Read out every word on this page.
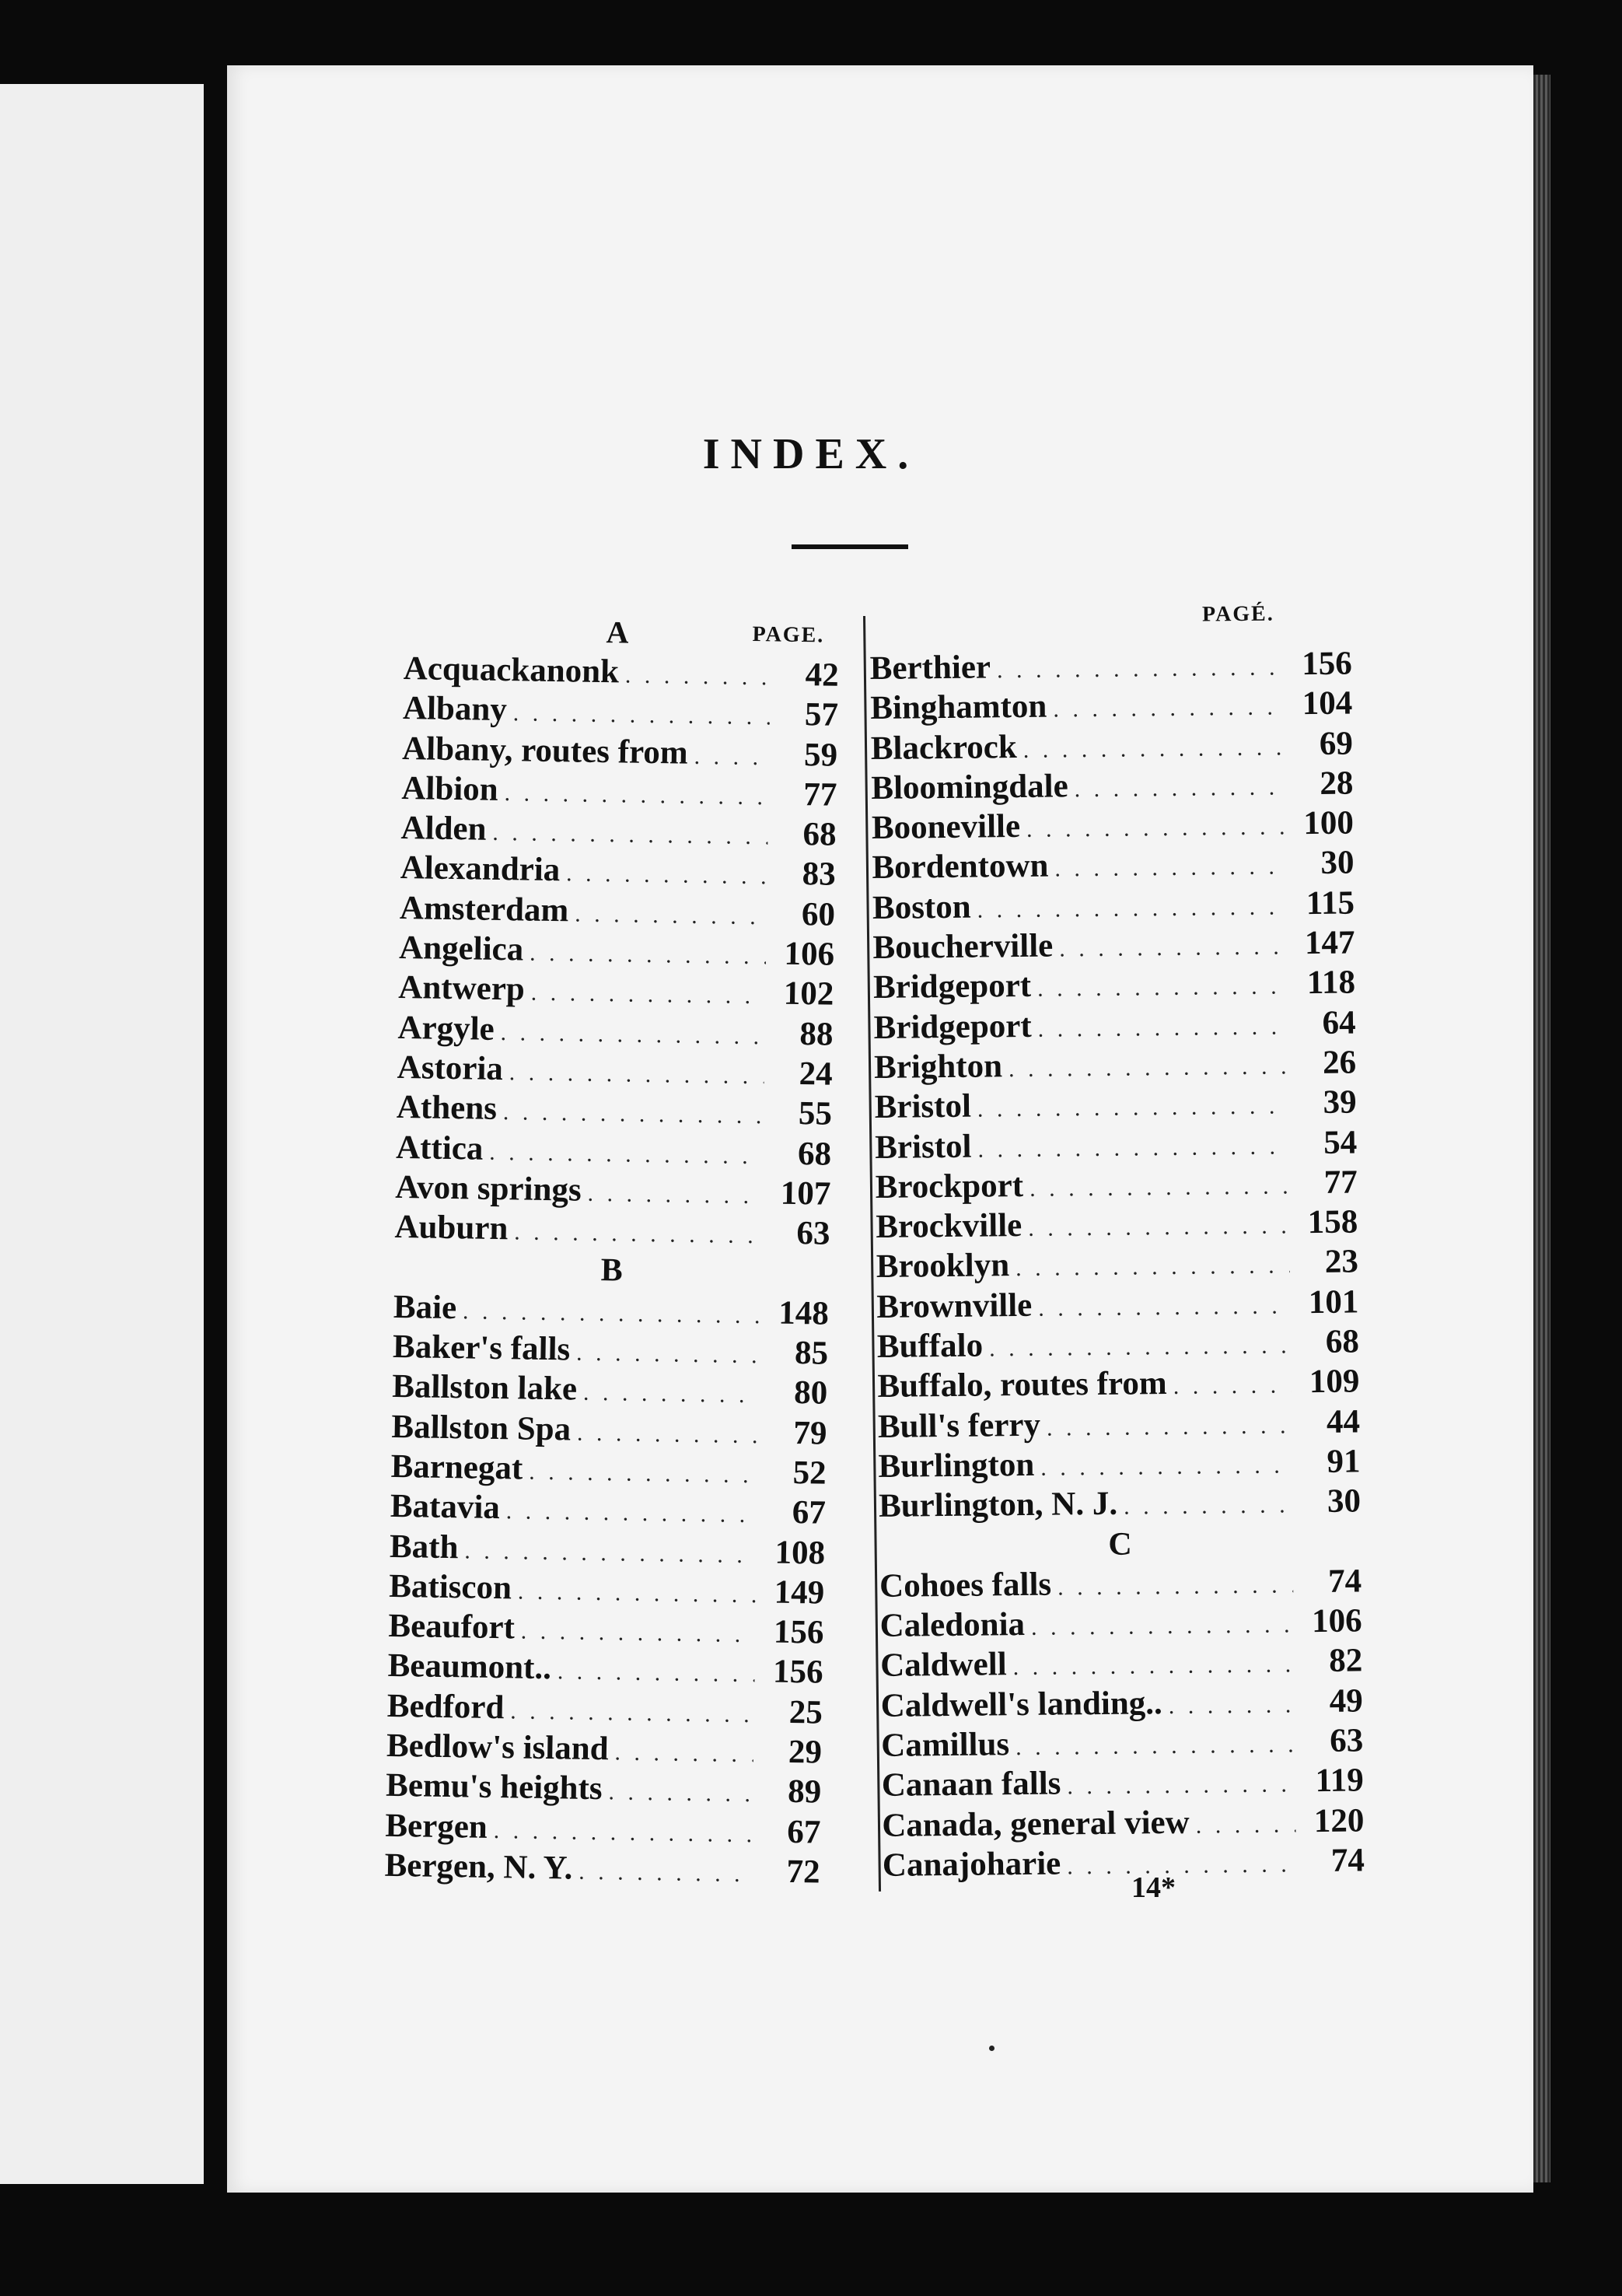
INDEX.
A	PAGE.
Acquackanonk . . .	42
Albany . . .	57
Albany, routes from . . .	59
Albion . . .	77
Alden . . .	68
Alexandria . . .	83
Amsterdam . . .	60
Angelica . . .	106
Antwerp . . .	102
Argyle . . .	88
Astoria . . .	24
Athens . . .	55
Attica . . .	68
Avon springs . . .	107
Auburn . . .	63
B
Baie . . .	148
Baker's falls . . .	85
Ballston lake . . .	80
Ballston Spa . . .	79
Barnegat . . .	52
Batavia . . .	67
Bath . . .	108
Batiscon . . .	149
Beaufort . . .	156
Beaumont.. . . .	156
Bedford . . .	25
Bedlow's island . . .	29
Bemu's heights . . .	89
Bergen . . .	67
Bergen, N. Y. . . .	72
PAGÉ.
Berthier . . .	156
Binghamton . . .	104
Blackrock . . .	69
Bloomingdale . . .	28
Booneville . . .	100
Bordentown . . .	30
Boston . . .	115
Boucherville . . .	147
Bridgeport . . .	118
Bridgeport . . .	64
Brighton . . .	26
Bristol . . .	39
Bristol . . .	54
Brockport . . .	77
Brockville . . .	158
Brooklyn . . .	23
Brownville . . .	101
Buffalo . . .	68
Buffalo, routes from . . .	109
Bull's ferry . . .	44
Burlington . . .	91
Burlington, N. J. . . .	30
C
Cohoes falls . . .	74
Caledonia . . .	106
Caldwell . . .	82
Caldwell's landing.. . . .	49
Camillus . . .	63
Canaan falls . . .	119
Canada, general view . . .	120
Canajoharie . . .	74
14*
